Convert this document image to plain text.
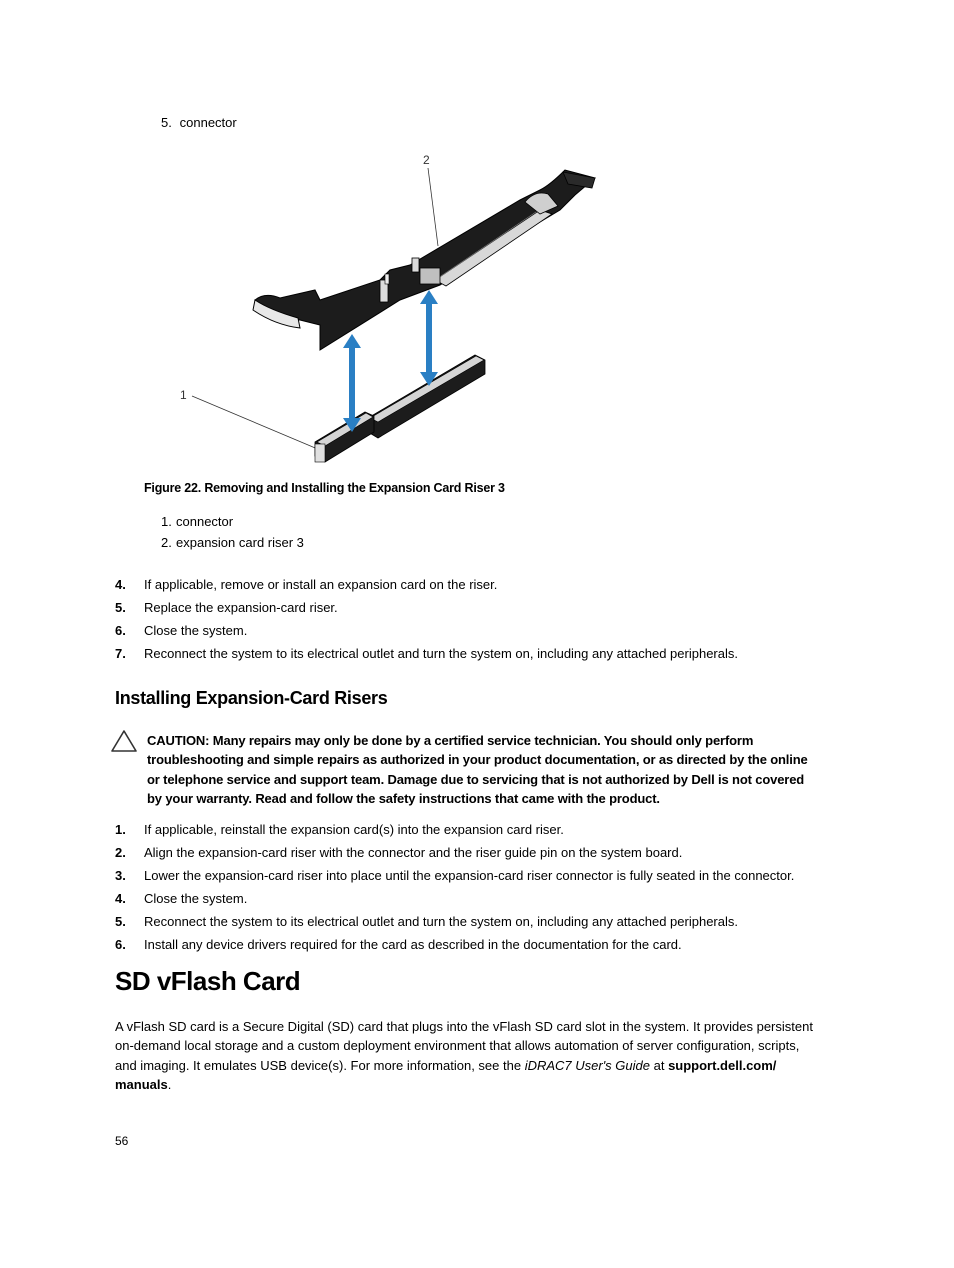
5. connector
2
1
Figure 22. Removing and Installing the Expansion Card Riser 3
1. connector
2. expansion card riser 3
4.	If applicable, remove or install an expansion card on the riser.
5.	Replace the expansion-card riser.
6.	Close the system.
7.	Reconnect the system to its electrical outlet and turn the system on, including any attached peripherals.
Installing Expansion-Card Risers
CAUTION: Many repairs may only be done by a certified service technician. You should only perform troubleshooting and simple repairs as authorized in your product documentation, or as directed by the online or telephone service and support team. Damage due to servicing that is not authorized by Dell is not covered by your warranty. Read and follow the safety instructions that came with the product.
1.	If applicable, reinstall the expansion card(s) into the expansion card riser.
2.	Align the expansion-card riser with the connector and the riser guide pin on the system board.
3.	Lower the expansion-card riser into place until the expansion-card riser connector is fully seated in the connector.
4.	Close the system.
5.	Reconnect the system to its electrical outlet and turn the system on, including any attached peripherals.
6.	Install any device drivers required for the card as described in the documentation for the card.
SD vFlash Card
A vFlash SD card is a Secure Digital (SD) card that plugs into the vFlash SD card slot in the system. It provides persistent on-demand local storage and a custom deployment environment that allows automation of server configuration, scripts, and imaging. It emulates USB device(s). For more information, see the iDRAC7 User's Guide at support.dell.com/ manuals.
56
